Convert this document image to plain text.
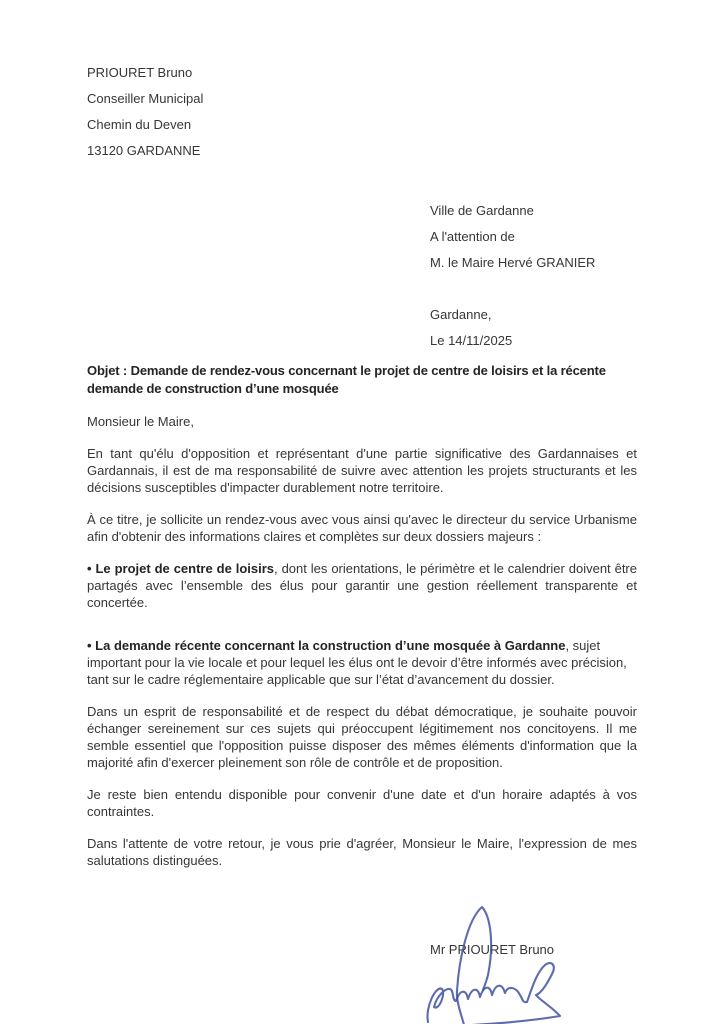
PRIOURET Bruno
Conseiller Municipal
Chemin du Deven
13120 GARDANNE
Ville de Gardanne
A l'attention de
M. le Maire Hervé GRANIER
Gardanne,
Le 14/11/2025
Objet : Demande de rendez-vous concernant le projet de centre de loisirs et la récente demande de construction d’une mosquée
Monsieur le Maire,

En tant qu'élu d'opposition et représentant d'une partie significative des Gardannaises et Gardannais, il est de ma responsabilité de suivre avec attention les projets structurants et les décisions susceptibles d'impacter durablement notre territoire.

À ce titre, je sollicite un rendez-vous avec vous ainsi qu'avec le directeur du service Urbanisme afin d'obtenir des informations claires et complètes sur deux dossiers majeurs :

• Le projet de centre de loisirs, dont les orientations, le périmètre et le calendrier doivent être partagés avec l’ensemble des élus pour garantir une gestion réellement transparente et concertée.

• La demande récente concernant la construction d’une mosquée à Gardanne, sujet important pour la vie locale et pour lequel les élus ont le devoir d’être informés avec précision, tant sur le cadre réglementaire applicable que sur l’état d’avancement du dossier.

Dans un esprit de responsabilité et de respect du débat démocratique, je souhaite pouvoir échanger sereinement sur ces sujets qui préoccupent légitimement nos concitoyens. Il me semble essentiel que l'opposition puisse disposer des mêmes éléments d'information que la majorité afin d'exercer pleinement son rôle de contrôle et de proposition.

Je reste bien entendu disponible pour convenir d'une date et d'un horaire adaptés à vos contraintes.

Dans l'attente de votre retour, je vous prie d'agréer, Monsieur le Maire, l'expression de mes salutations distinguées.

Mr PRIOURET Bruno
